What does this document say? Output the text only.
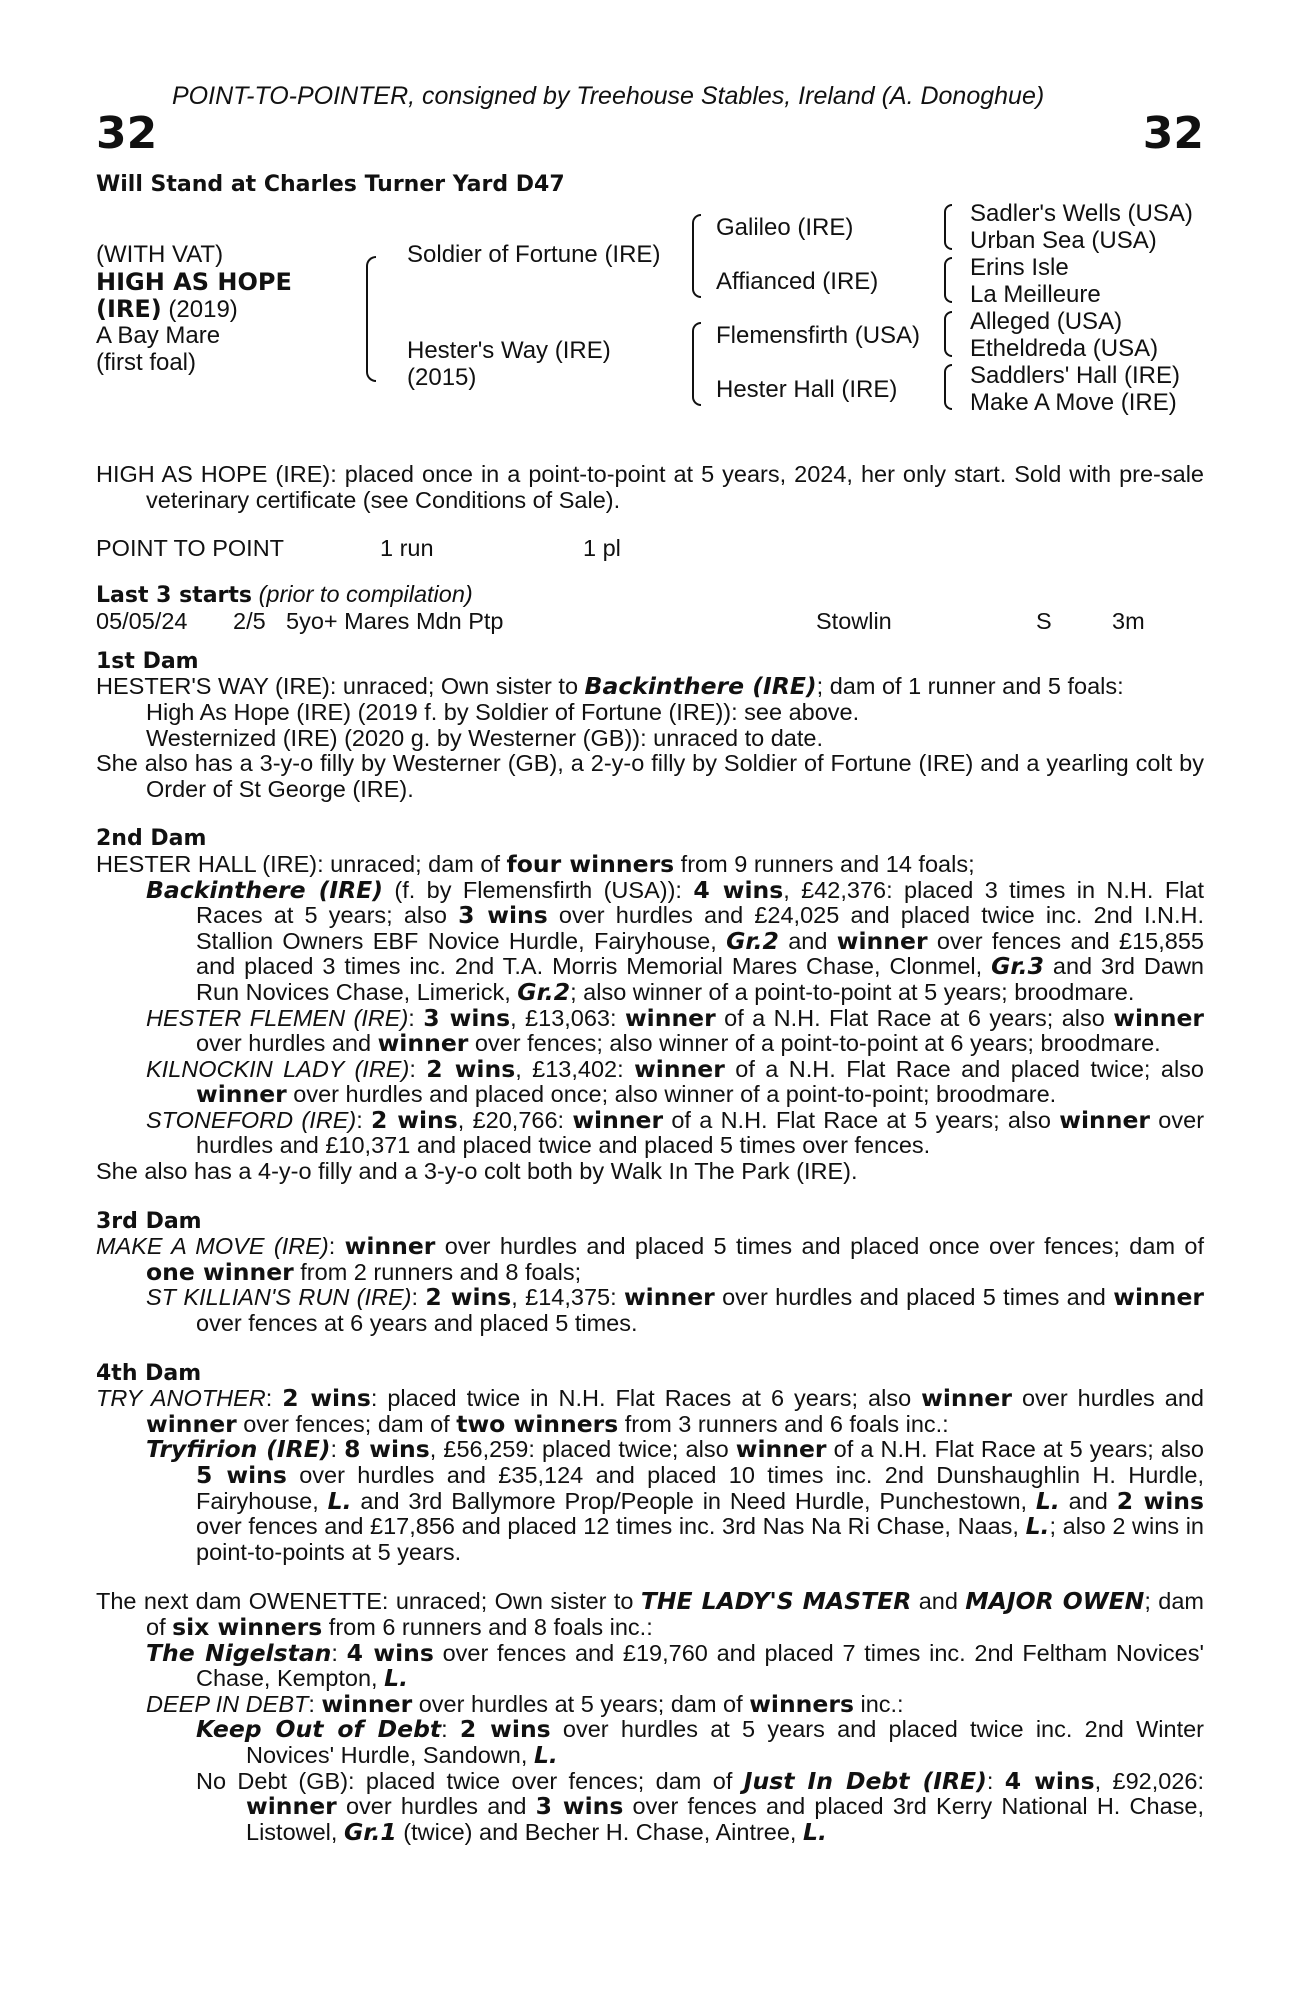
POINT-TO-POINTER, consigned by Treehouse Stables, Ireland (A. Donoghue)
32	32
Will Stand at Charles Turner Yard D47
(WITH VAT)
HIGH AS HOPE
(IRE) (2019)
A Bay Mare
(first foal)
Soldier of Fortune (IRE)
Hester's Way (IRE)
(2015)
Galileo (IRE)
Affianced (IRE)
Flemensfirth (USA)
Hester Hall (IRE)
Sadler's Wells (USA)
Urban Sea (USA)
Erins Isle
La Meilleure
Alleged (USA)
Etheldreda (USA)
Saddlers' Hall (IRE)
Make A Move (IRE)

HIGH AS HOPE (IRE): placed once in a point-to-point at 5 years, 2024, her only start. Sold with pre-sale veterinary certificate (see Conditions of Sale).

POINT TO POINT	1 run	1 pl

Last 3 starts (prior to compilation)

05/05/24 2/5 5yo+ Mares Mdn Ptp	Stowlin	S	3m
1st Dam

HESTER'S WAY (IRE): unraced; Own sister to Backinthere (IRE); dam of 1 runner and 5 foals:

High As Hope (IRE) (2019 f. by Soldier of Fortune (IRE)): see above.

Westernized (IRE) (2020 g. by Westerner (GB)): unraced to date.

She also has a 3-y-o filly by Westerner (GB), a 2-y-o filly by Soldier of Fortune (IRE) and a yearling colt by Order of St George (IRE).

2nd Dam

HESTER HALL (IRE): unraced; dam of four winners from 9 runners and 14 foals;

Backinthere (IRE) (f. by Flemensfirth (USA)): 4 wins, £42,376: placed 3 times in N.H. Flat Races at 5 years; also 3 wins over hurdles and £24,025 and placed twice inc. 2nd I.N.H. Stallion Owners EBF Novice Hurdle, Fairyhouse, Gr.2 and winner over fences and £15,855 and placed 3 times inc. 2nd T.A. Morris Memorial Mares Chase, Clonmel, Gr.3 and 3rd Dawn Run Novices Chase, Limerick, Gr.2; also winner of a point-to-point at 5 years; broodmare.

HESTER FLEMEN (IRE): 3 wins, £13,063: winner of a N.H. Flat Race at 6 years; also winner over hurdles and winner over fences; also winner of a point-to-point at 6 years; broodmare.

KILNOCKIN LADY (IRE): 2 wins, £13,402: winner of a N.H. Flat Race and placed twice; also winner over hurdles and placed once; also winner of a point-to-point; broodmare.

STONEFORD (IRE): 2 wins, £20,766: winner of a N.H. Flat Race at 5 years; also winner over hurdles and £10,371 and placed twice and placed 5 times over fences.

She also has a 4-y-o filly and a 3-y-o colt both by Walk In The Park (IRE).

3rd Dam

MAKE A MOVE (IRE): winner over hurdles and placed 5 times and placed once over fences; dam of one winner from 2 runners and 8 foals;

ST KILLIAN'S RUN (IRE): 2 wins, £14,375: winner over hurdles and placed 5 times and winner over fences at 6 years and placed 5 times.

4th Dam

TRY ANOTHER: 2 wins: placed twice in N.H. Flat Races at 6 years; also winner over hurdles and winner over fences; dam of two winners from 3 runners and 6 foals inc.:

Tryfirion (IRE): 8 wins, £56,259: placed twice; also winner of a N.H. Flat Race at 5 years; also 5 wins over hurdles and £35,124 and placed 10 times inc. 2nd Dunshaughlin H. Hurdle, Fairyhouse, L. and 3rd Ballymore Prop/People in Need Hurdle, Punchestown, L. and 2 wins over fences and £17,856 and placed 12 times inc. 3rd Nas Na Ri Chase, Naas, L.; also 2 wins in point-to-points at 5 years.

The next dam OWENETTE: unraced; Own sister to THE LADY'S MASTER and MAJOR OWEN; dam of six winners from 6 runners and 8 foals inc.:

The Nigelstan: 4 wins over fences and £19,760 and placed 7 times inc. 2nd Feltham Novices' Chase, Kempton, L.

DEEP IN DEBT: winner over hurdles at 5 years; dam of winners inc.:

Keep Out of Debt: 2 wins over hurdles at 5 years and placed twice inc. 2nd Winter Novices' Hurdle, Sandown, L.

No Debt (GB): placed twice over fences; dam of Just In Debt (IRE): 4 wins, £92,026: winner over hurdles and 3 wins over fences and placed 3rd Kerry National H. Chase, Listowel, Gr.1 (twice) and Becher H. Chase, Aintree, L.
